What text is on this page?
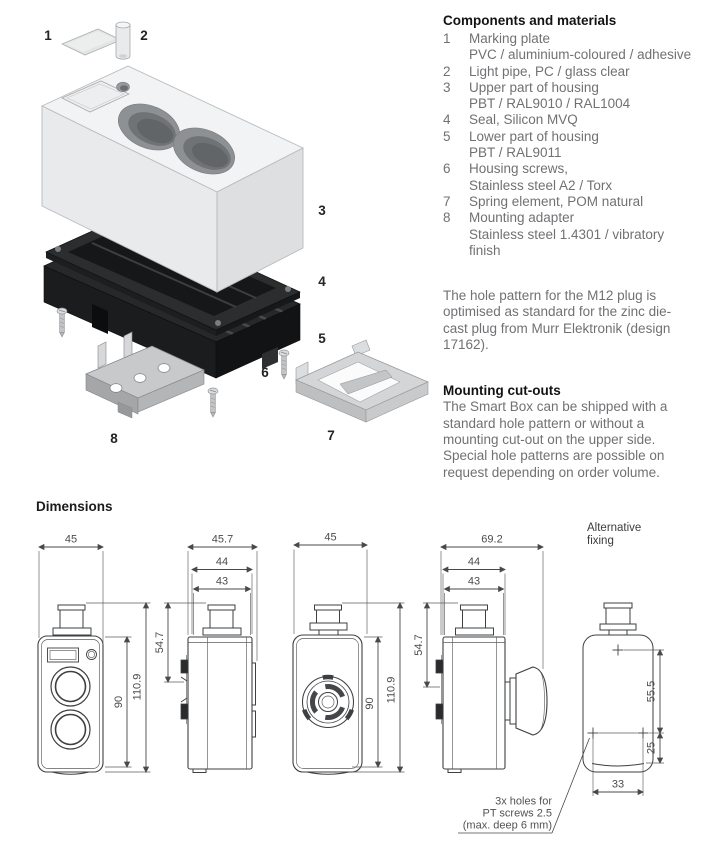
1	2
3
4
5
6
7
8
Components and materials
1	Marking plate
PVC / aluminium-coloured / adhesive
2	Light pipe, PC / glass clear
3	Upper part of housing
PBT / RAL9010 / RAL1004
4	Seal, Silicon MVQ
5	Lower part of housing
PBT / RAL9011
6	Housing screws,
Stainless steel A2 / Torx
7	Spring element, POM natural
8	Mounting adapter
Stainless steel 1.4301 / vibratory
finish
The hole pattern for the M12 plug is
optimised as standard for the zinc die-
cast plug from Murr Elektronik (design
17162).
Mounting cut-outs
The Smart Box can be shipped with a
standard hole pattern or without a
mounting cut-out on the upper side.
Special hole patterns are possible on
request depending on order volume.
Dimensions
45
90
110.9
45.7
44
43
54.7
45
90
110.9
69.2
44
43
54.7
55.5
25
33
Alternative
fixing
3x holes for
PT screws 2.5
(max. deep 6 mm)
